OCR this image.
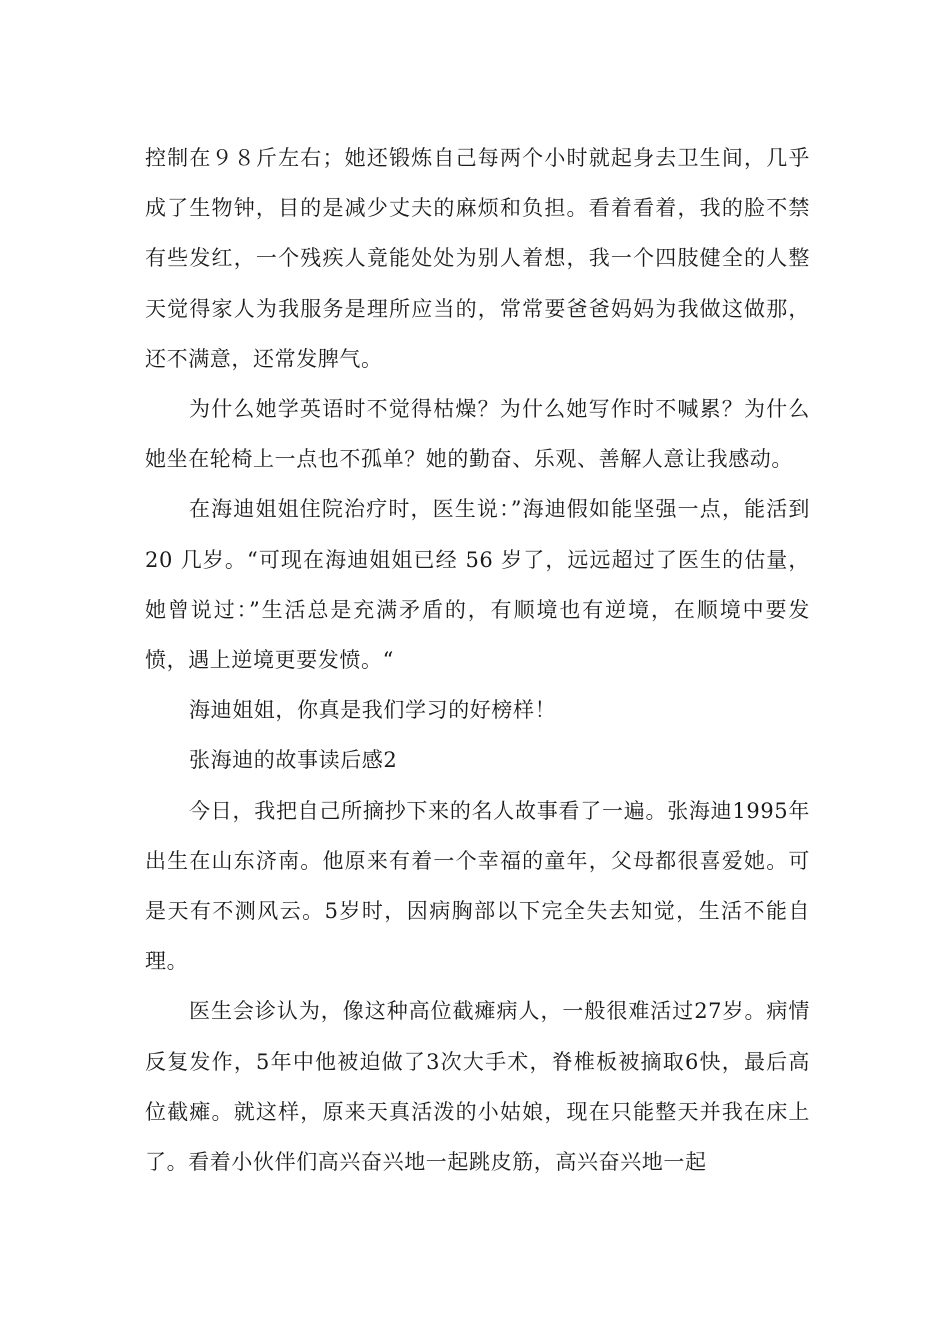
控制在９８斤左右；她还锻炼自己每两个小时就起身去卫生间，几乎成了生物钟，目的是减少丈夫的麻烦和负担。看着看着，我的脸不禁有些发红，一个残疾人竟能处处为别人着想，我一个四肢健全的人整天觉得家人为我服务是理所应当的，常常要爸爸妈妈为我做这做那，还不满意，还常发脾气。

为什么她学英语时不觉得枯燥？为什么她写作时不喊累？为什么她坐在轮椅上一点也不孤单？她的勤奋、乐观、善解人意让我感动。

在海迪姐姐住院治疗时，医生说：”海迪假如能坚强一点，能活到 20 几岁。“可现在海迪姐姐已经 56 岁了，远远超过了医生的估量，她曾说过：”生活总是充满矛盾的，有顺境也有逆境，在顺境中要发愤，遇上逆境更要发愤。“

海迪姐姐，你真是我们学习的好榜样！

张海迪的故事读后感2

今日，我把自己所摘抄下来的名人故事看了一遍。张海迪1995年出生在山东济南。他原来有着一个幸福的童年，父母都很喜爱她。可是天有不测风云。5岁时，因病胸部以下完全失去知觉，生活不能自理。

医生会诊认为，像这种高位截瘫病人，一般很难活过27岁。病情反复发作，5年中他被迫做了3次大手术，脊椎板被摘取6快，最后高位截瘫。就这样，原来天真活泼的小姑娘，现在只能整天并我在床上了。看着小伙伴们高兴奋兴地一起跳皮筋，高兴奋兴地一起
